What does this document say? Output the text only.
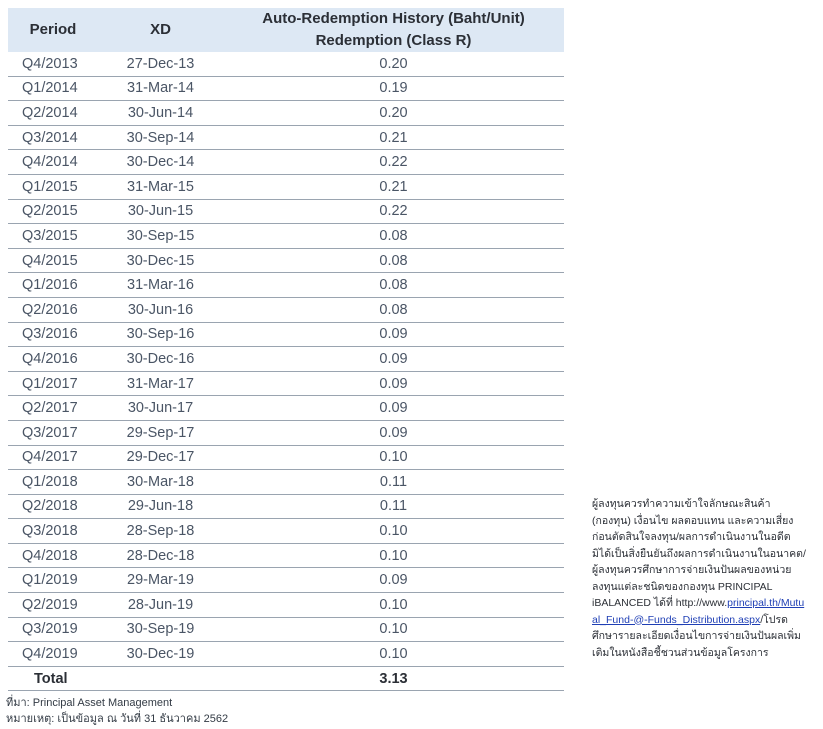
Period	XD	Auto-Redemption History (Baht/Unit)
Redemption (Class R)

Q4/2013	27-Dec-13	0.20
Q1/2014	31-Mar-14	0.19
Q2/2014	30-Jun-14	0.20
Q3/2014	30-Sep-14	0.21
Q4/2014	30-Dec-14	0.22
Q1/2015	31-Mar-15	0.21
Q2/2015	30-Jun-15	0.22
Q3/2015	30-Sep-15	0.08
Q4/2015	30-Dec-15	0.08
Q1/2016	31-Mar-16	0.08
Q2/2016	30-Jun-16	0.08
Q3/2016	30-Sep-16	0.09
Q4/2016	30-Dec-16	0.09
Q1/2017	31-Mar-17	0.09
Q2/2017	30-Jun-17	0.09
Q3/2017	29-Sep-17	0.09
Q4/2017	29-Dec-17	0.10
Q1/2018	30-Mar-18	0.11
Q2/2018	29-Jun-18	0.11
Q3/2018	28-Sep-18	0.10
Q4/2018	28-Dec-18	0.10
Q1/2019	29-Mar-19	0.09
Q2/2019	28-Jun-19	0.10
Q3/2019	30-Sep-19	0.10
Q4/2019	30-Dec-19	0.10
Total		3.13
ที่มา: Principal Asset Management
หมายเหตุ: เป็นข้อมูล ณ วันที่ 31 ธันวาคม 2562
ผู้ลงทุนควรทำความเข้าใจลักษณะสินค้า (กองทุน) เงื่อนไข ผลตอบแทน และความเสี่ยงก่อนตัดสินใจลงทุน/ผลการดำเนินงานในอดีต มิได้เป็นสิ่งยืนยันถึงผลการดำเนินงานในอนาคต/ผู้ลงทุนควรศึกษาการจ่ายเงินปันผลของหน่วยลงทุนแต่ละชนิดของกองทุน PRINCIPAL iBALANCED ได้ที่ http://www.principal.th/Mutual_Fund-@-Funds_Distribution.aspx/โปรดศึกษารายละเอียดเงื่อนไขการจ่ายเงินปันผลเพิ่มเติมในหนังสือชี้ชวนส่วนข้อมูลโครงการ
